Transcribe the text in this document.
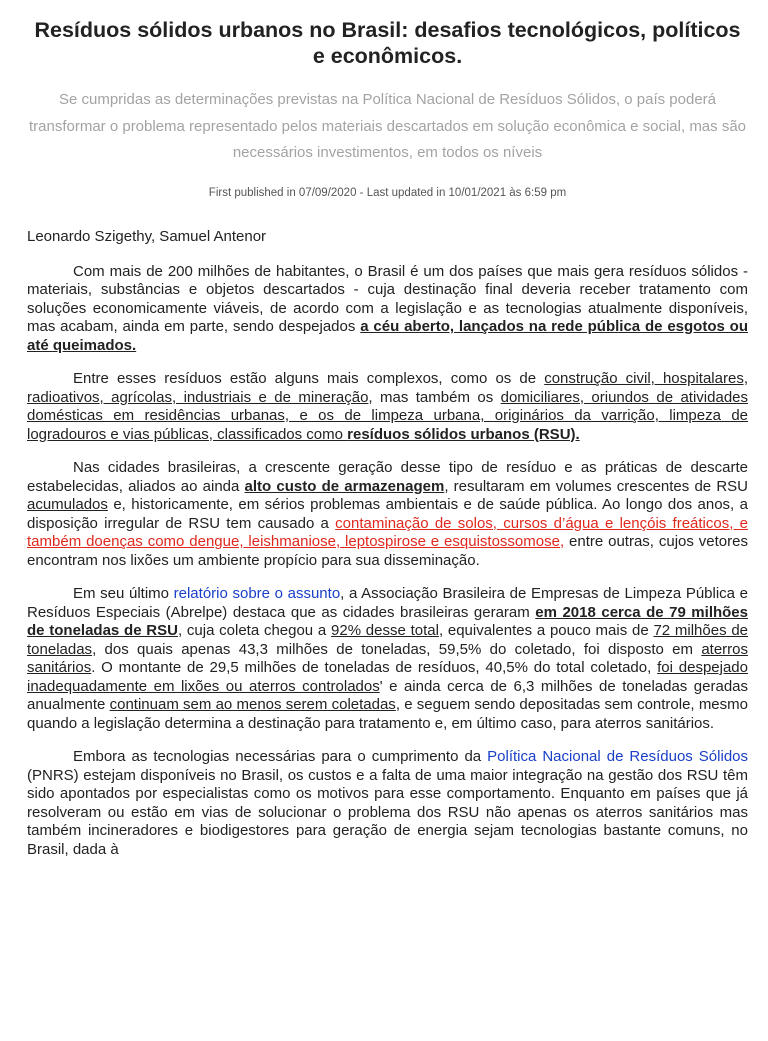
Resíduos sólidos urbanos no Brasil: desafios tecnológicos, políticos e econômicos.

Se cumpridas as determinações previstas na Política Nacional de Resíduos Sólidos, o país poderá transformar o problema representado pelos materiais descartados em solução econômica e social, mas são necessários investimentos, em todos os níveis

First published in 07/09/2020 - Last updated in 10/01/2021 às 6:59 pm

Leonardo Szigethy, Samuel Antenor

Com mais de 200 milhões de habitantes, o Brasil é um dos países que mais gera resíduos sólidos - materiais, substâncias e objetos descartados - cuja destinação final deveria receber tratamento com soluções economicamente viáveis, de acordo com a legislação e as tecnologias atualmente disponíveis, mas acabam, ainda em parte, sendo despejados a céu aberto, lançados na rede pública de esgotos ou até queimados.

Entre esses resíduos estão alguns mais complexos, como os de construção civil, hospitalares, radioativos, agrícolas, industriais e de mineração, mas também os domiciliares, oriundos de atividades domésticas em residências urbanas, e os de limpeza urbana, originários da varrição, limpeza de logradouros e vias públicas, classificados como resíduos sólidos urbanos (RSU).

Nas cidades brasileiras, a crescente geração desse tipo de resíduo e as práticas de descarte estabelecidas, aliados ao ainda alto custo de armazenagem, resultaram em volumes crescentes de RSU acumulados e, historicamente, em sérios problemas ambientais e de saúde pública. Ao longo dos anos, a disposição irregular de RSU tem causado a contaminação de solos, cursos d’água e lençóis freáticos, e também doenças como dengue, leishmaniose, leptospirose e esquistossomose, entre outras, cujos vetores encontram nos lixões um ambiente propício para sua disseminação.

Em seu último relatório sobre o assunto, a Associação Brasileira de Empresas de Limpeza Pública e Resíduos Especiais (Abrelpe) destaca que as cidades brasileiras geraram em 2018 cerca de 79 milhões de toneladas de RSU, cuja coleta chegou a 92% desse total, equivalentes a pouco mais de 72 milhões de toneladas, dos quais apenas 43,3 milhões de toneladas, 59,5% do coletado, foi disposto em aterros sanitários. O montante de 29,5 milhões de toneladas de resíduos, 40,5% do total coletado, foi despejado inadequadamente em lixões ou aterros controlados' e ainda cerca de 6,3 milhões de toneladas geradas anualmente continuam sem ao menos serem coletadas, e seguem sendo depositadas sem controle, mesmo quando a legislação determina a destinação para tratamento e, em último caso, para aterros sanitários.

Embora as tecnologias necessárias para o cumprimento da Política Nacional de Resíduos Sólidos (PNRS) estejam disponíveis no Brasil, os custos e a falta de uma maior integração na gestão dos RSU têm sido apontados por especialistas como os motivos para esse comportamento. Enquanto em países que já resolveram ou estão em vias de solucionar o problema dos RSU não apenas os aterros sanitários mas também incineradores e biodigestores para geração de energia sejam tecnologias bastante comuns, no Brasil, dada à
